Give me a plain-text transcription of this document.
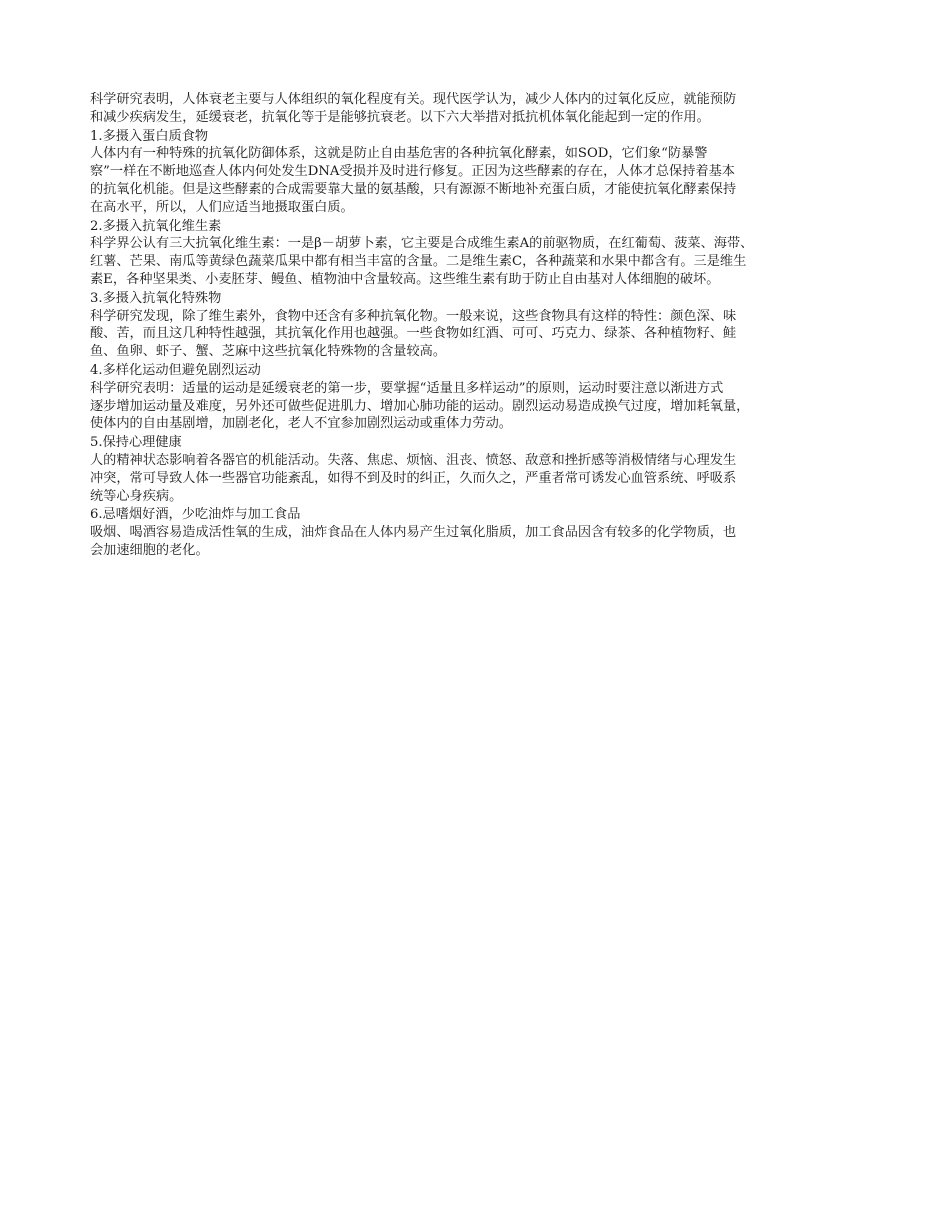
科学研究表明，人体衰老主要与人体组织的氧化程度有关。现代医学认为，减少人体内的过氧化反应，就能预防
和减少疾病发生，延缓衰老，抗氧化等于是能够抗衰老。以下六大举措对抵抗机体氧化能起到一定的作用。
1.多摄入蛋白质食物
人体内有一种特殊的抗氧化防御体系，这就是防止自由基危害的各种抗氧化酵素，如SOD，它们象“防暴警
察”一样在不断地巡查人体内何处发生DNA受损并及时进行修复。正因为这些酵素的存在，人体才总保持着基本
的抗氧化机能。但是这些酵素的合成需要靠大量的氨基酸，只有源源不断地补充蛋白质，才能使抗氧化酵素保持
在高水平，所以，人们应适当地摄取蛋白质。
2.多摄入抗氧化维生素
科学界公认有三大抗氧化维生素：一是β－胡萝卜素，它主要是合成维生素A的前驱物质，在红葡萄、菠菜、海带、
红薯、芒果、南瓜等黄绿色蔬菜瓜果中都有相当丰富的含量。二是维生素C，各种蔬菜和水果中都含有。三是维生
素E，各种坚果类、小麦胚芽、鳗鱼、植物油中含量较高。这些维生素有助于防止自由基对人体细胞的破坏。
3.多摄入抗氧化特殊物
科学研究发现，除了维生素外，食物中还含有多种抗氧化物。一般来说，这些食物具有这样的特性：颜色深、味
酸、苦，而且这几种特性越强，其抗氧化作用也越强。一些食物如红酒、可可、巧克力、绿茶、各种植物籽、鲑
鱼、鱼卵、虾子、蟹、芝麻中这些抗氧化特殊物的含量较高。
4.多样化运动但避免剧烈运动
科学研究表明：适量的运动是延缓衰老的第一步，要掌握“适量且多样运动”的原则，运动时要注意以渐进方式
逐步增加运动量及难度，另外还可做些促进肌力、增加心肺功能的运动。剧烈运动易造成换气过度，增加耗氧量，
使体内的自由基剧增，加剧老化，老人不宜参加剧烈运动或重体力劳动。
5.保持心理健康
人的精神状态影响着各器官的机能活动。失落、焦虑、烦恼、沮丧、愤怒、敌意和挫折感等消极情绪与心理发生
冲突，常可导致人体一些器官功能紊乱，如得不到及时的纠正，久而久之，严重者常可诱发心血管系统、呼吸系
统等心身疾病。
6.忌嗜烟好酒，少吃油炸与加工食品
吸烟、喝酒容易造成活性氧的生成，油炸食品在人体内易产生过氧化脂质，加工食品因含有较多的化学物质，也
会加速细胞的老化。
